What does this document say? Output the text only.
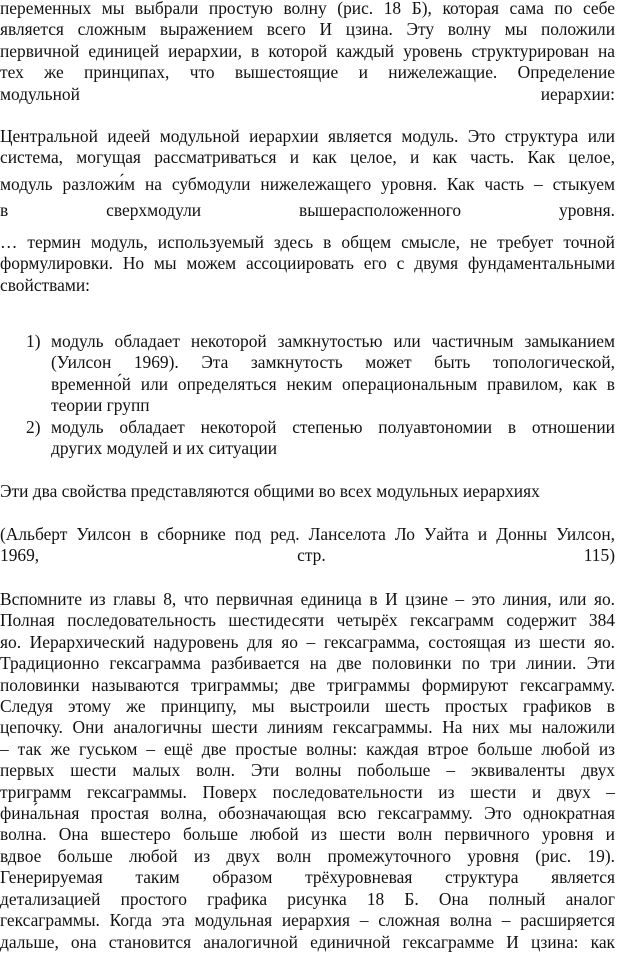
переменных мы выбрали простую волну (рис. 18 Б), которая сама по себе
является сложным выражением всего И цзина. Эту волну мы положили
первичной единицей иерархии, в которой каждый уровень структурирован на
тех же принципах, что вышестоящие и нижележащие. Определение
модульной иерархии:
Центральной идеей модульной иерархии является модуль. Это структура или
система, могущая рассматриваться и как целое, и как часть. Как целое,
модуль разложи́м на субмодули нижележащего уровня. Как часть – стыкуем
в сверхмодули вышерасположенного уровня.
… термин модуль, используемый здесь в общем смысле, не требует точной
формулировки. Но мы можем ассоциировать его с двумя фундаментальными
свойствами:
1) модуль обладает некоторой замкнутостью или частичным замыканием
(Уилсон 1969). Эта замкнутость может быть топологической,
временно́й или определяться неким операциональным правилом, как в
теории групп
2) модуль обладает некоторой степенью полуавтономии в отношении
других модулей и их ситуации
Эти два свойства представляются общими во всех модульных иерархиях
(Альберт Уилсон в сборнике под ред. Ланселота Ло Уайта и Донны Уилсон,
1969, стр. 115)
Вспомните из главы 8, что первичная единица в И цзине – это линия, или яо.
Полная последовательность шестидесяти четырёх гексаграмм содержит 384
яо. Иерархический надуровень для яо – гексаграмма, состоящая из шести яо.
Традиционно гексаграмма разбивается на две половинки по три линии. Эти
половинки называются триграммы; две триграммы формируют гексаграмму.
Следуя этому же принципу, мы выстроили шесть простых графиков в
цепочку. Они аналогичны шести линиям гексаграммы. На них мы наложили
– так же гуськом – ещё две простые волны: каждая втрое больше любой из
первых шести малых волн. Эти волны побольше – эквиваленты двух
триграмм гексаграммы. Поверх последовательности из шести и двух –
фина́льная простая волна, обозначающая всю гексаграмму. Это однократная
волна. Она вшестеро больше любой из шести волн первичного уровня и
вдвое больше любой из двух волн промежуточного уровня (рис. 19).
Генерируемая таким образом трёхуровневая структура является
детализацией простого графика рисунка 18 Б. Она полный аналог
гексаграммы. Когда эта модульная иерархия – сложная волна – расширяется
дальше, она становится аналогичной единичной гексаграмме И цзина: как
